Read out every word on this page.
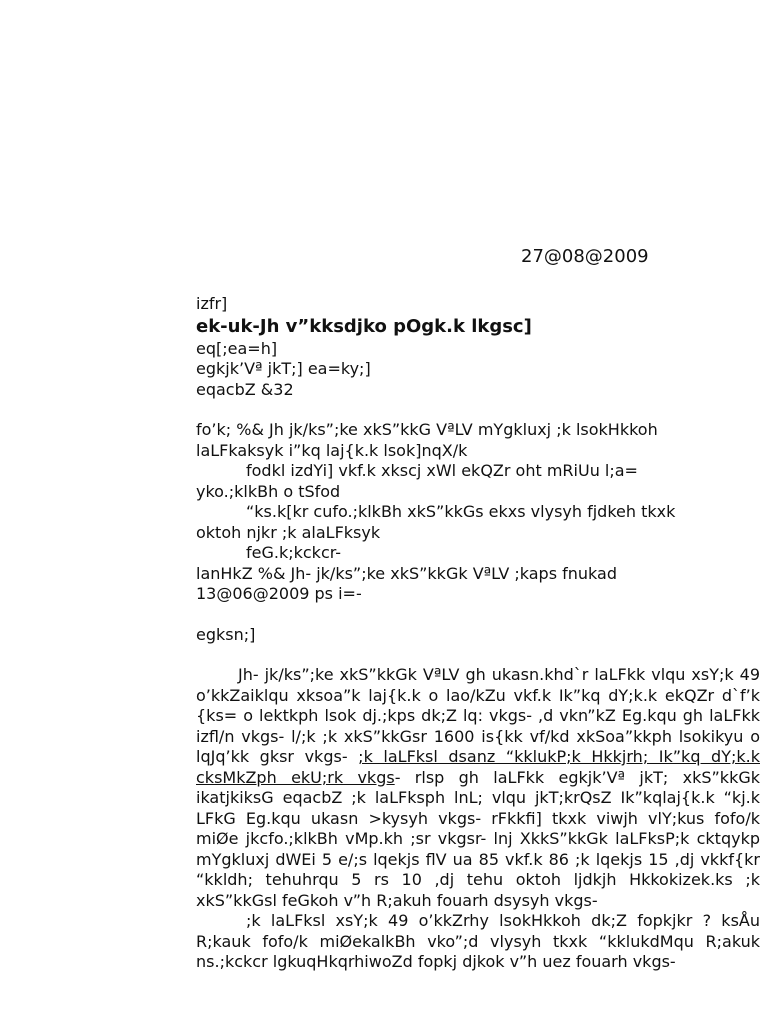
27@08@2009
izfr]
ek-uk-Jh v”kksdjko pOgk.k lkgsc]
eq[;ea=h]
egkjk’Vª jkT;] ea=ky;]
eqacbZ &32
fo’k; %& Jh jk/ks”;ke xkS”kkG VªLV mYgkluxj ;k lsokHkkoh
laLFkaksyk i”kq laj{k.k lsok]nqX/k
fodkl izdYi] vkf.k xkscj xWl ekQZr oht mRiUu l;a=
yko.;klkBh o tSfod
“ks.k[kr cufo.;klkBh xkS”kkGs ekxs vlysyh fjdkeh tkxk
oktoh njkr ;k alaLFksyk
feG.k;kckcr-
lanHkZ %& Jh- jk/ks”;ke xkS”kkGk VªLV ;kaps fnukad
13@06@2009 ps i=-
egksn;]
Jh- jk/ks”;ke xkS”kkGk VªLV gh ukasn.khd`r laLFkk vlqu xsY;k 49 o’kkZaiklqu xksoa”k laj{k.k o lao/kZu vkf.k Ik”kq dY;k.k ekQZr d`f’k {ks= o lektkph lsok dj.;kps dk;Z lq: vkgs- ,d vkn”kZ Eg.kqu gh laLFkk izfl/n vkgs- l/;k ;k xkS”kkGsr 1600 is{kk vf/kd xkSoa”kkph lsokikyu o lqJq’kk gksr vkgs- ;k laLFksl dsanz “kklukP;k Hkkjrh; Ik”kq dY;k.k cksMkZph ekU;rk vkgs- rlsp gh laLFkk egkjk’Vª jkT; xkS”kkGk ikatjkiksG eqacbZ ;k laLFksph lnL; vlqu jkT;krQsZ Ik”kqlaj{k.k “kj.k LFkG Eg.kqu ukasn >kysyh vkgs- rFkkfi] tkxk viwjh vlY;kus fofo/k miØe jkcfo.;klkBh vMp.kh ;sr vkgsr- lnj XkkS”kkGk laLFksP;k cktqykp mYgkluxj dWEi 5 e/;s lqekjs flV ua 85 vkf.k 86 ;k lqekjs 15 ,dj vkkf{kr “kkldh; tehuhrqu 5 rs 10 ,dj tehu oktoh ljdkjh Hkkokizek.ks ;k xkS”kkGsl feGkoh v”h R;akuh fouarh dsysyh vkgs-
;k laLFksl xsY;k 49 o’kkZrhy lsokHkkoh dk;Z fopkjkr ? ksÅu R;kauk fofo/k miØekalkBh vko”;d vlysyh tkxk “kklukdMqu R;akuk ns.;kckcr lgkuqHkqrhiwoZd fopkj djkok v”h uez fouarh vkgs-
